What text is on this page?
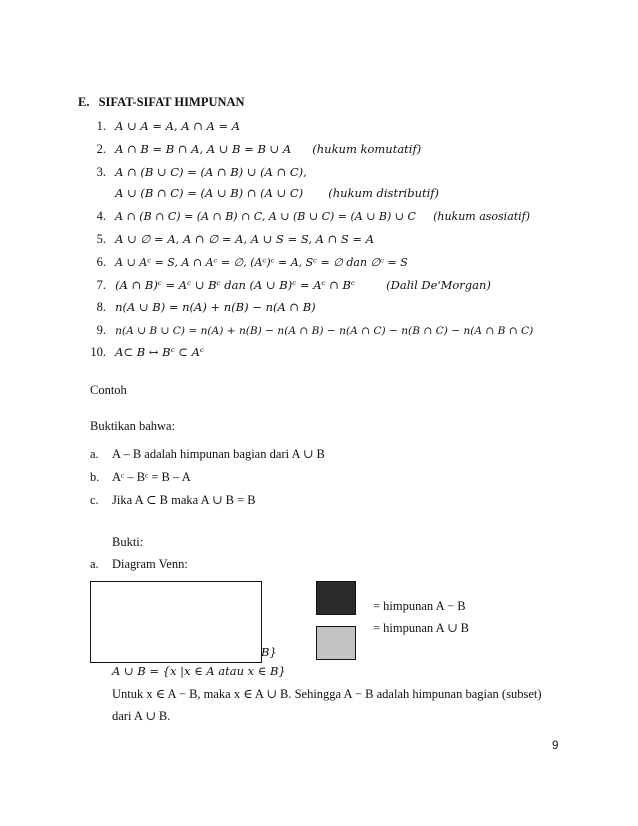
E. SIFAT-SIFAT HIMPUNAN
1. A ∪ A = A, A ∩ A = A
2. A ∩ B = B ∩ A, A ∪ B = B ∪ A (hukum komutatif)
3. A ∩ (B ∪ C) = (A ∩ B) ∪ (A ∩ C),
A ∪ (B ∩ C) = (A ∪ B) ∩ (A ∪ C) (hukum distributif)
4. A ∩ (B ∩ C) = (A ∩ B) ∩ C, A ∪ (B ∪ C) = (A ∪ B) ∪ C (hukum asosiatif)
5. A ∪ ∅ = A, A ∩ ∅ = A, A ∪ S = S, A ∩ S = A
6. A ∪ Aᶜ = S, A ∩ Aᶜ = ∅, (Aᶜ)ᶜ = A, Sᶜ = ∅ dan ∅ᶜ = S
7. (A ∩ B)ᶜ = Aᶜ ∪ Bᶜ dan (A ∪ B)ᶜ = Aᶜ ∩ Bᶜ	(Dalil De'Morgan)
8. n(A ∪ B) = n(A) + n(B) − n(A ∩ B)
9. n(A ∪ B ∪ C) = n(A) + n(B) − n(A ∩ B) − n(A ∩ C) − n(B ∩ C) − n(A ∩ B ∩ C)
10. A⊂ B ↔ Bᶜ ⊂ Aᶜ
Contoh
Buktikan bahwa:
a. A – B adalah himpunan bagian dari A ∪ B
b. Aᶜ – Bᶜ = B – A
c. Jika A ⊂ B maka A ∪ B = B
Bukti:
a. Diagram Venn:
= himpunan A − B
= himpunan A ∪ B
B}
A ∪ B = {x |x ∈ A atau x ∈ B}
Untuk x ∈ A − B, maka x ∈ A ∪ B. Sehingga A − B adalah himpunan bagian (subset)
dari A ∪ B.
9
